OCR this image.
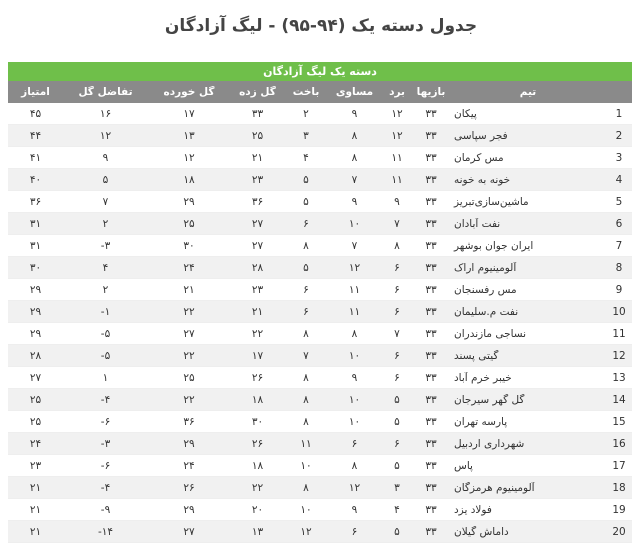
جدول دسته یک (۹۴-۹۵) - لیگ آزادگان
دسته یک لیگ آزادگان
تیم
بازیها
برد
مساوی
باخت
گل زده
گل خورده
تفاضل گل
امتیاز
1
پیکان
۳۳
۱۲
۹
۲
۳۳
۱۷
۱۶
۴۵
2
فجر سپاسی
۳۳
۱۲
۸
۳
۲۵
۱۳
۱۲
۴۴
3
مس کرمان
۳۳
۱۱
۸
۴
۲۱
۱۲
۹
۴۱
4
خونه به خونه
۳۳
۱۱
۷
۵
۲۳
۱۸
۵
۴۰
5
ماشین‌سازی‌تبریز
۳۳
۹
۹
۵
۳۶
۲۹
۷
۳۶
6
نفت آبادان
۳۳
۷
۱۰
۶
۲۷
۲۵
۲
۳۱
7
ایران جوان بوشهر
۳۳
۸
۷
۸
۲۷
۳۰
-۳
۳۱
8
آلومینیوم اراک
۳۳
۶
۱۲
۵
۲۸
۲۴
۴
۳۰
9
مس رفسنجان
۳۳
۶
۱۱
۶
۲۳
۲۱
۲
۲۹
10
نفت م.سلیمان
۳۳
۶
۱۱
۶
۲۱
۲۲
-۱
۲۹
11
نساجی مازندران
۳۳
۷
۸
۸
۲۲
۲۷
-۵
۲۹
12
گیتی پسند
۳۳
۶
۱۰
۷
۱۷
۲۲
-۵
۲۸
13
خیبر خرم آباد
۳۳
۶
۹
۸
۲۶
۲۵
۱
۲۷
14
گل گهر سیرجان
۳۳
۵
۱۰
۸
۱۸
۲۲
-۴
۲۵
15
پارسه تهران
۳۳
۵
۱۰
۸
۳۰
۳۶
-۶
۲۵
16
شهرداری اردبیل
۳۳
۶
۶
۱۱
۲۶
۲۹
-۳
۲۴
17
پاس
۳۳
۵
۸
۱۰
۱۸
۲۴
-۶
۲۳
18
آلومینیوم هرمزگان
۳۳
۳
۱۲
۸
۲۲
۲۶
-۴
۲۱
19
فولاد یزد
۳۳
۴
۹
۱۰
۲۰
۲۹
-۹
۲۱
20
داماش گیلان
۳۳
۵
۶
۱۲
۱۳
۲۷
-۱۴
۲۱
